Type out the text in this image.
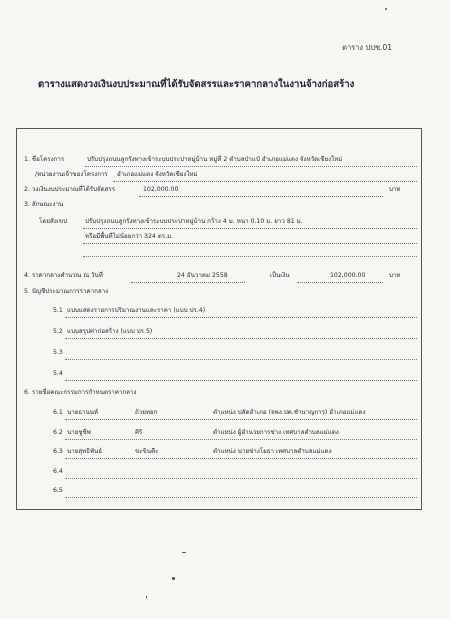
ตาราง ปปช.01
ตารางแสดงวงเงินงบประมาณที่ได้รับจัดสรรและราคากลางในงานจ้างก่อสร้าง
1. ชื่อโครงการ	ปรับปรุงถนนลูกรังทางเข้าระบบประปาหมู่บ้าน หมู่ที่ 2 ตำบลป่าแป๋ อำเภอแม่แตง จังหวัดเชียงใหม่
/หน่วยงานเจ้าของโครงการ อำเภอแม่แตง จังหวัดเชียงใหม่
2. วงเงินงบประมาณที่ได้รับจัดสรร	102,000.00	บาท
3. ลักษณะงาน
โดยสังเขป	ปรับปรุงถนนลูกรังทางเข้าระบบประปาหมู่บ้าน กว้าง 4 ม. หนา 0.10 ม. ยาว 81 ม.
หรือมีพื้นที่ไม่น้อยกว่า 324 ตร.ม.
4. ราคากลางคำนวณ ณ วันที่	24 ธันวาคม 2558	เป็นเงิน	102,000.00	บาท
5. บัญชีประมาณการราคากลาง
5.1 แบบแสดงรายการปริมาณงานและราคา (แบบ ปร.4)
5.2 แบบสรุปค่าก่อสร้าง (แบบ ปร.5)
5.3
5.4
6. รายชื่อคณะกรรมการกำหนดราคากลาง
6.1 นายธานนท์	ถ้วยทอก	ตำแหน่ง ปลัดอำเภอ (จพง.ปค.ชำนาญการ) อำเภอแม่แตง
6.2 นายชูชีพ	ศิริ	ตำแหน่ง ผู้อำนวยการช่าง เทศบาลตำบลแม่แตง
6.3 นายสุทธิพันธ์	ขะขินคีะ	ตำแหน่ง นายช่างโยธา เทศบาลตำบลแม่แตง
6.4
6.5
